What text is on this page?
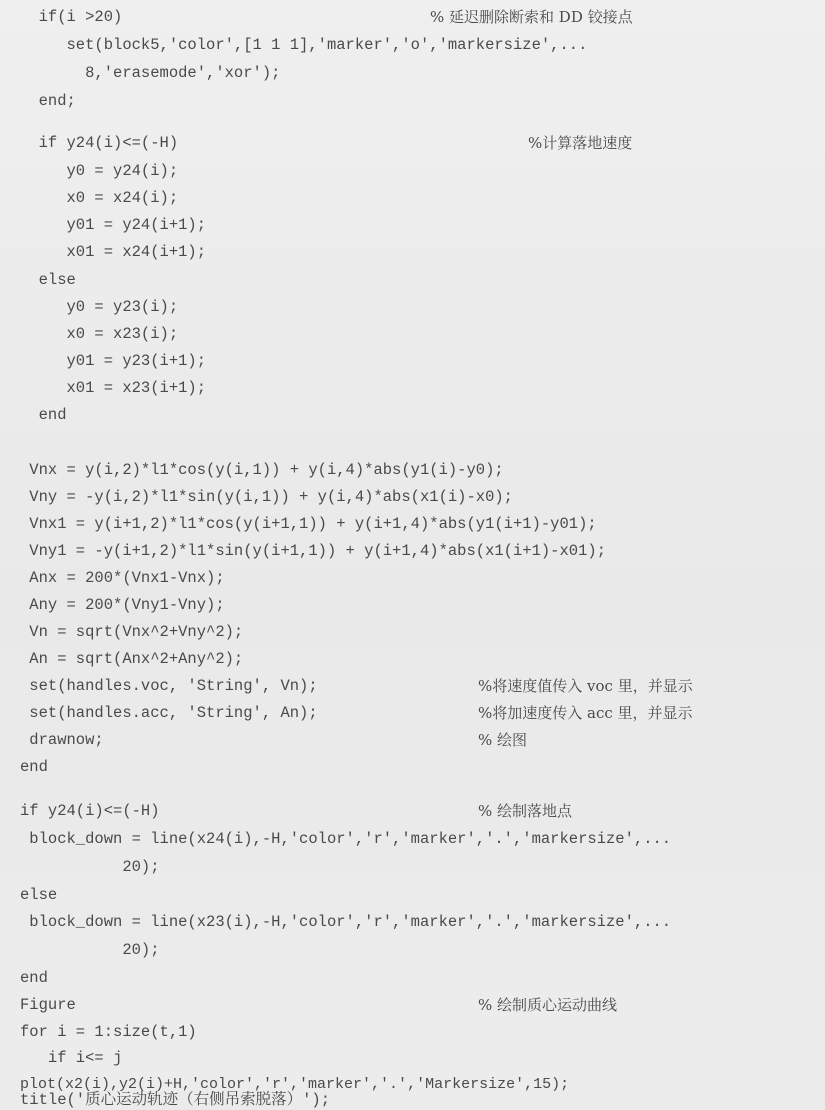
if(i >20)
set(block5,'color',[1 1 1],'marker','o','markersize',...
8,'erasemode','xor');
end;
if y24(i)<=(-H)
y0 = y24(i);
x0 = x24(i);
y01 = y24(i+1);
x01 = x24(i+1);
else
y0 = y23(i);
x0 = x23(i);
y01 = y23(i+1);
x01 = x23(i+1);
end
Vnx = y(i,2)*l1*cos(y(i,1)) + y(i,4)*abs(y1(i)-y0);
Vny = -y(i,2)*l1*sin(y(i,1)) + y(i,4)*abs(x1(i)-x0);
Vnx1 = y(i+1,2)*l1*cos(y(i+1,1)) + y(i+1,4)*abs(y1(i+1)-y01);
Vny1 = -y(i+1,2)*l1*sin(y(i+1,1)) + y(i+1,4)*abs(x1(i+1)-x01);
Anx = 200*(Vnx1-Vnx);
Any = 200*(Vny1-Vny);
Vn = sqrt(Vnx^2+Vny^2);
An = sqrt(Anx^2+Any^2);
set(handles.voc, 'String', Vn);
set(handles.acc, 'String', An);
drawnow;
end
if y24(i)<=(-H)
block_down = line(x24(i),-H,'color','r','marker','.','markersize',...
20);
else
block_down = line(x23(i),-H,'color','r','marker','.','markersize',...
20);
end
Figure
for i = 1:size(t,1)
if i<= j
plot(x2(i),y2(i)+H,'color','r','marker','.','Markersize',15);
title('质心运动轨迹（右侧吊索脱落）');
% 延迟删除断索和 DD 铰接点
%计算落地速度
%将速度值传入 voc 里，并显示
%将加速度传入 acc 里，并显示
% 绘图
% 绘制落地点
% 绘制质心运动曲线
